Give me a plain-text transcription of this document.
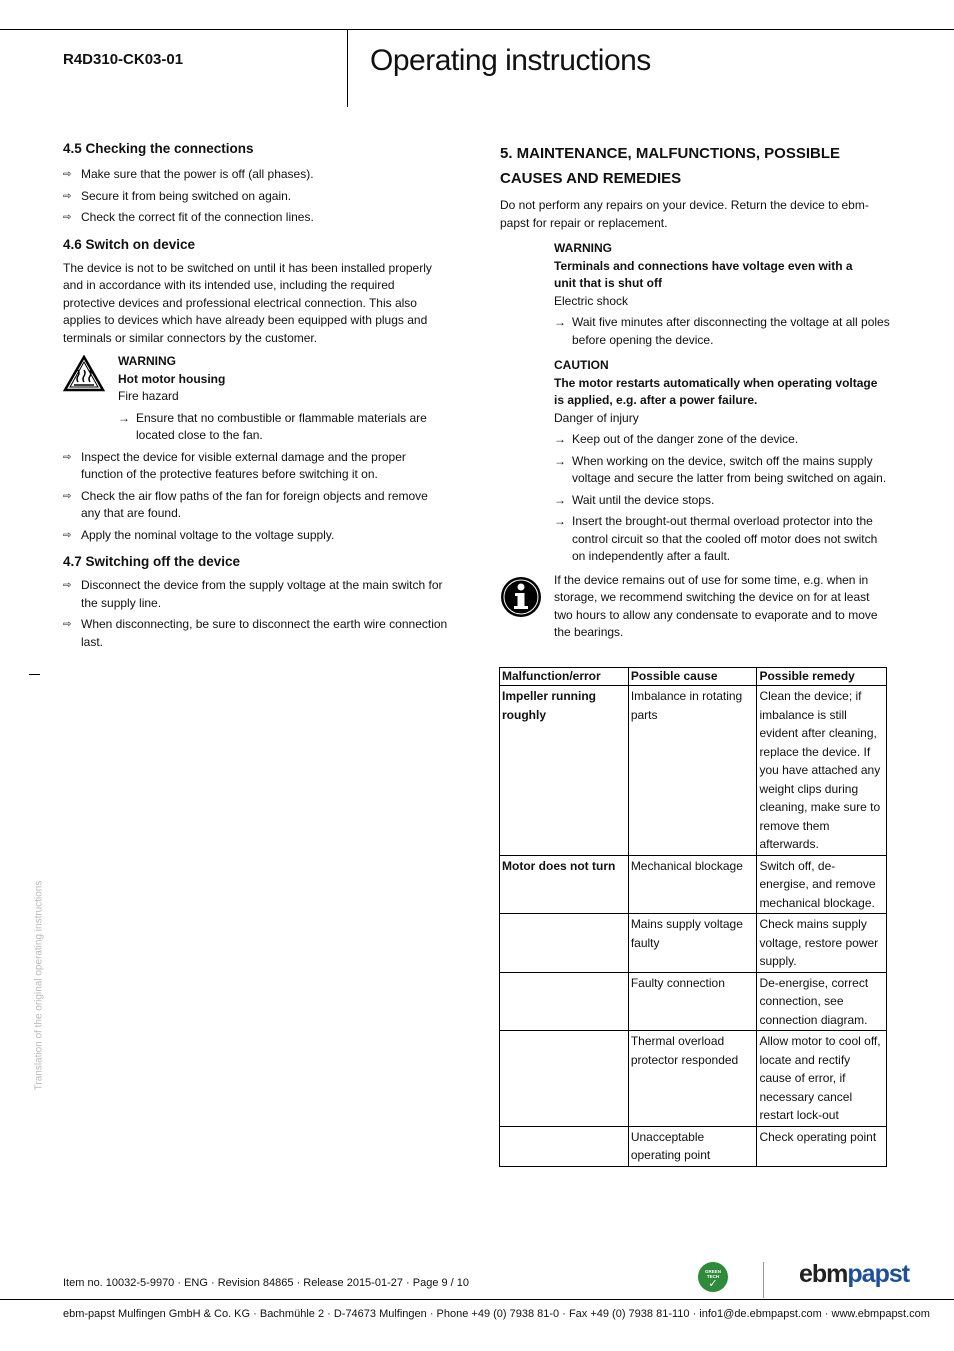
R4D310-CK03-01	Operating instructions
4.5 Checking the connections
⇨ Make sure that the power is off (all phases).
⇨ Secure it from being switched on again.
⇨ Check the correct fit of the connection lines.
4.6 Switch on device
The device is not to be switched on until it has been installed properly and in accordance with its intended use, including the required protective devices and professional electrical connection. This also applies to devices which have already been equipped with plugs and terminals or similar connectors by the customer.
WARNING
Hot motor housing
Fire hazard
→ Ensure that no combustible or flammable materials are located close to the fan.
⇨ Inspect the device for visible external damage and the proper function of the protective features before switching it on.
⇨ Check the air flow paths of the fan for foreign objects and remove any that are found.
⇨ Apply the nominal voltage to the voltage supply.
4.7 Switching off the device
⇨ Disconnect the device from the supply voltage at the main switch for the supply line.
⇨ When disconnecting, be sure to disconnect the earth wire connection last.
Translation of the original operating instructions
5. MAINTENANCE, MALFUNCTIONS, POSSIBLE CAUSES AND REMEDIES
Do not perform any repairs on your device. Return the device to ebm-papst for repair or replacement.
WARNING
Terminals and connections have voltage even with a unit that is shut off
Electric shock
→ Wait five minutes after disconnecting the voltage at all poles before opening the device.
CAUTION
The motor restarts automatically when operating voltage is applied, e.g. after a power failure.
Danger of injury
→ Keep out of the danger zone of the device.
→ When working on the device, switch off the mains supply voltage and secure the latter from being switched on again.
→ Wait until the device stops.
→ Insert the brought-out thermal overload protector into the control circuit so that the cooled off motor does not switch on independently after a fault.
If the device remains out of use for some time, e.g. when in storage, we recommend switching the device on for at least two hours to allow any condensate to evaporate and to move the bearings.
Malfunction/error	Possible cause	Possible remedy
Impeller running roughly	Imbalance in rotating parts	Clean the device; if imbalance is still evident after cleaning, replace the device. If you have attached any weight clips during cleaning, make sure to remove them afterwards.
Motor does not turn	Mechanical blockage	Switch off, de-energise, and remove mechanical blockage.
	Mains supply voltage faulty	Check mains supply voltage, restore power supply.
	Faulty connection	De-energise, correct connection, see connection diagram.
	Thermal overload protector responded	Allow motor to cool off, locate and rectify cause of error, if necessary cancel restart lock-out
	Unacceptable operating point	Check operating point
Item no. 10032-5-9970 · ENG · Revision 84865 · Release 2015-01-27 · Page 9 / 10
GREEN TECH
✓	ebmpapst
ebm-papst Mulfingen GmbH & Co. KG · Bachmühle 2 · D-74673 Mulfingen · Phone +49 (0) 7938 81-0 · Fax +49 (0) 7938 81-110 · info1@de.ebmpapst.com · www.ebmpapst.com
